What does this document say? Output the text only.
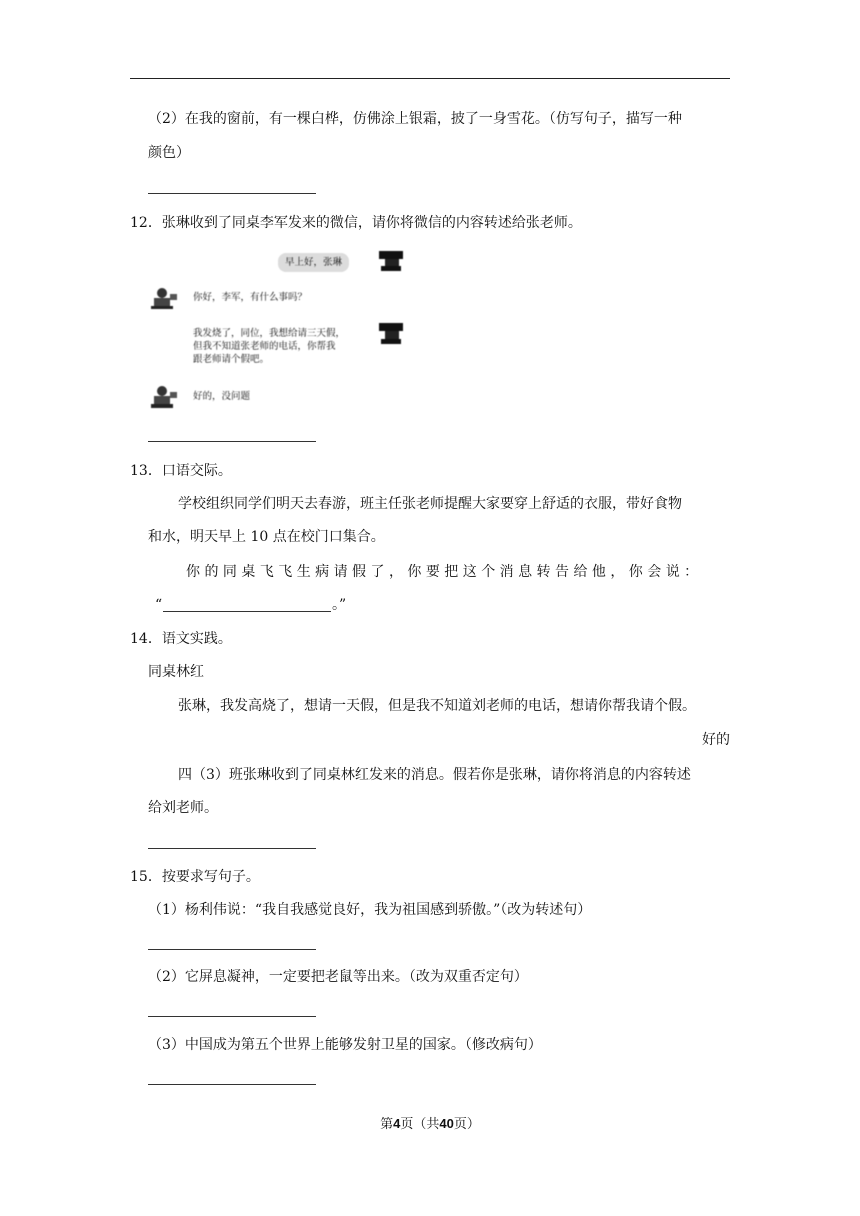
（2）在我的窗前，有一棵白桦，仿佛涂上银霜，披了一身雪花。（仿写句子，描写一种
颜色）
12．张琳收到了同桌李军发来的微信，请你将微信的内容转述给张老师。
早上好，张琳
你好，李军，有什么事吗？
我发烧了，同位，我想给请三天假，
但我不知道张老师的电话，你帮我
跟老师请个假吧。
好的，没问题
13．口语交际。
学校组织同学们明天去春游，班主任张老师提醒大家要穿上舒适的衣服，带好食物
和水，明天早上 10 点在校门口集合。
你 的 同 桌 飞 飞 生 病 请 假 了 ， 你 要 把 这 个 消 息 转 告 给 他 ， 你 会 说 ：
“	。”
14．语文实践。
同桌林红
张琳，我发高烧了，想请一天假，但是我不知道刘老师的电话，想请你帮我请个假。
好的
四（3）班张琳收到了同桌林红发来的消息。假若你是张琳，请你将消息的内容转述
给刘老师。
15．按要求写句子。
（1）杨利伟说：“我自我感觉良好，我为祖国感到骄傲。”（改为转述句）
（2）它屏息凝神，一定要把老鼠等出来。（改为双重否定句）
（3）中国成为第五个世界上能够发射卫星的国家。（修改病句）
第4页（共40页）
